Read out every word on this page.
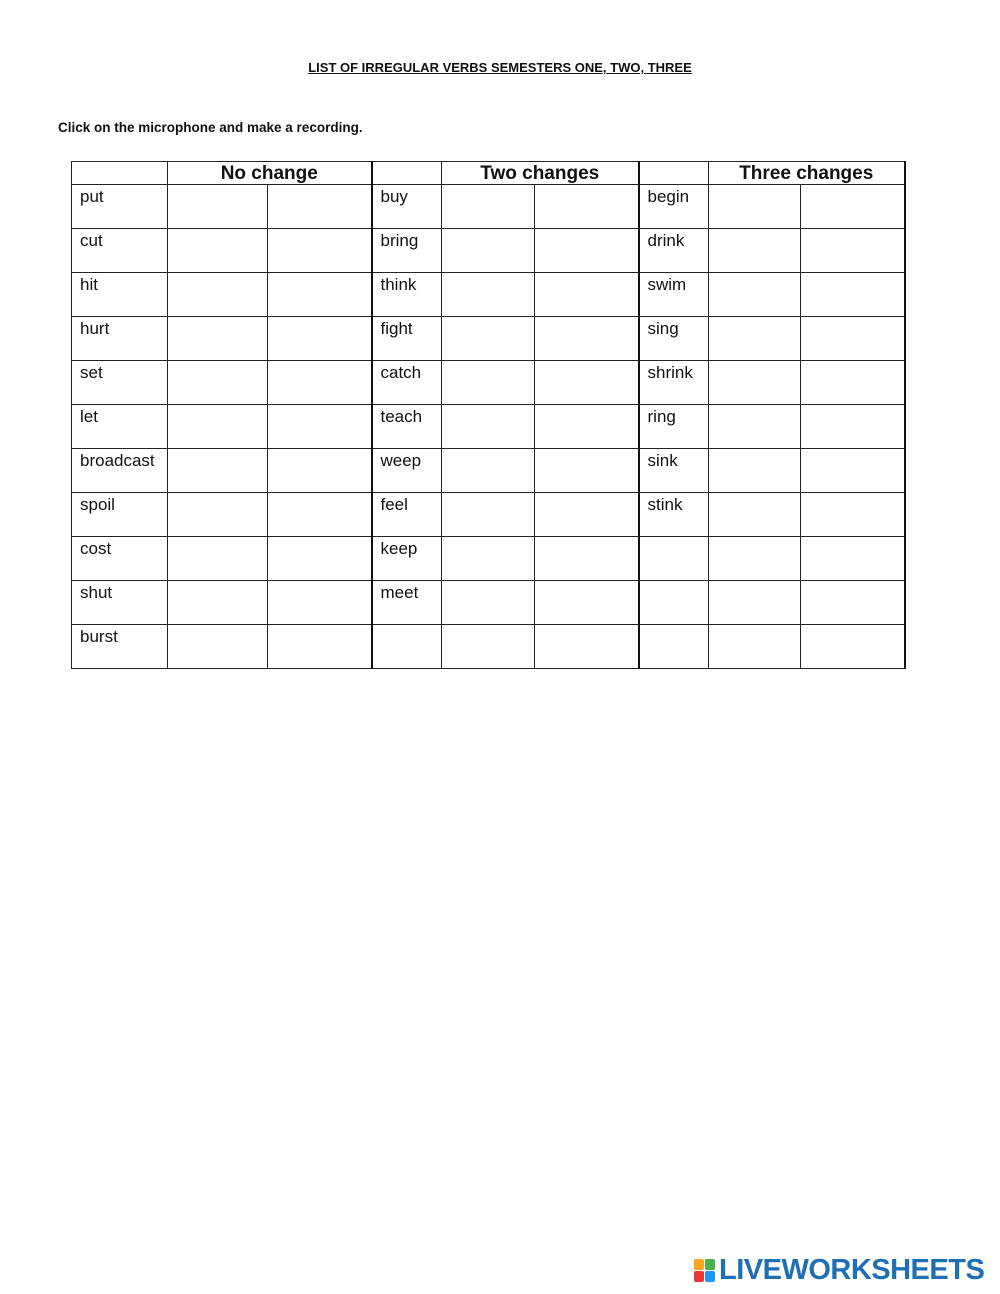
LIST OF IRREGULAR VERBS SEMESTERS ONE, TWO, THREE
Click on the microphone and make a recording.
	No change			Two changes			Three changes	
put			buy			begin		
cut			bring			drink		
hit			think			swim		
hurt			fight			sing		
set			catch			shrink		
let			teach			ring		
broadcast			weep			sink		
spoil			feel			stink		
cost			keep					
shut			meet					
burst								
LIVEWORKSHEETS
